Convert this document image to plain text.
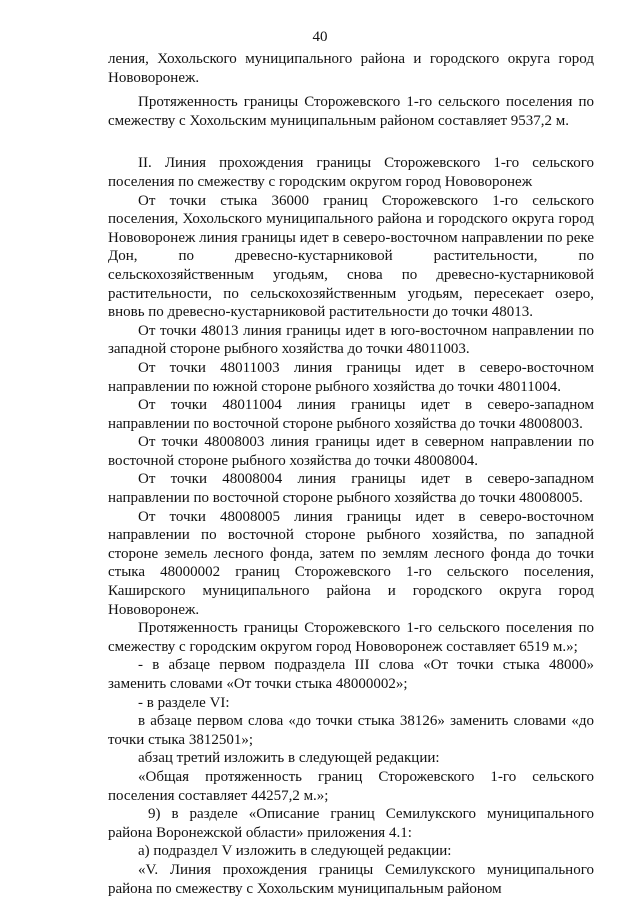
40

ления, Хохольского муниципального района и городского округа город Нововоронеж.

Протяженность границы Сторожевского 1-го сельского поселения по смежеству с Хохольским муниципальным районом составляет 9537,2 м.

II. Линия прохождения границы Сторожевского 1-го сельского поселения по смежеству с городским округом город Нововоронеж

От точки стыка 36000 границ Сторожевского 1-го сельского поселения, Хохольского муниципального района и городского округа город Нововоронеж линия границы идет в северо-восточном направлении по реке Дон, по древесно-кустарниковой растительности, по сельскохозяйственным угодьям, снова по древесно-кустарниковой растительности, по сельскохозяйственным угодьям, пересекает озеро, вновь по древесно-кустарниковой растительности до точки 48013.

От точки 48013 линия границы идет в юго-восточном направлении по западной стороне рыбного хозяйства до точки 48011003.

От точки 48011003 линия границы идет в северо-восточном направлении по южной стороне рыбного хозяйства до точки 48011004.

От точки 48011004 линия границы идет в северо-западном направлении по восточной стороне рыбного хозяйства до точки 48008003.

От точки 48008003 линия границы идет в северном направлении по восточной стороне рыбного хозяйства до точки 48008004.

От точки 48008004 линия границы идет в северо-западном направлении по восточной стороне рыбного хозяйства до точки 48008005.

От точки 48008005 линия границы идет в северо-восточном направлении по восточной стороне рыбного хозяйства, по западной стороне земель лесного фонда, затем по землям лесного фонда до точки стыка 48000002 границ Сторожевского 1-го сельского поселения, Каширского муниципального района и городского округа город Нововоронеж.

Протяженность границы Сторожевского 1-го сельского поселения по смежеству с городским округом город Нововоронеж составляет 6519 м.»;

- в абзаце первом подраздела III слова «От точки стыка 48000» заменить словами «От точки стыка 48000002»;

- в разделе VI:

в абзаце первом слова «до точки стыка 38126» заменить словами «до точки стыка 3812501»;

абзац третий изложить в следующей редакции:

«Общая протяженность границ Сторожевского 1-го сельского поселения составляет 44257,2 м.»;

9) в разделе «Описание границ Семилукского муниципального района Воронежской области» приложения 4.1:

а) подраздел V изложить в следующей редакции:

«V. Линия прохождения границы Семилукского муниципального района по смежеству с Хохольским муниципальным районом
